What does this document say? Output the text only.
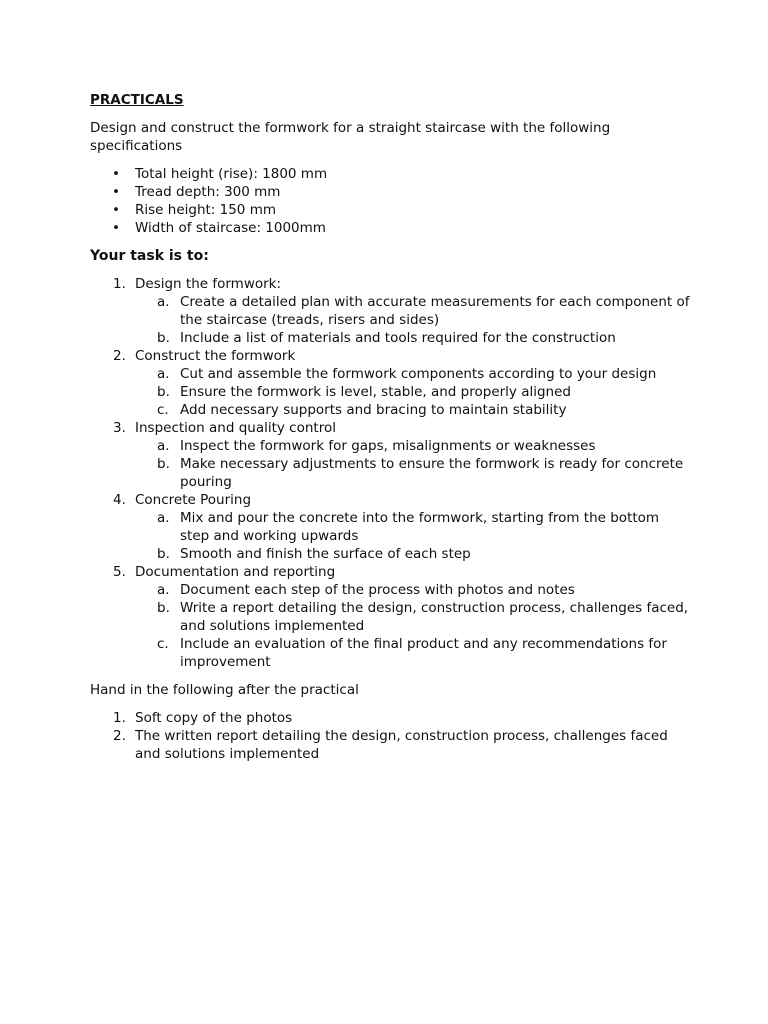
PRACTICALS

Design and construct the formwork for a straight staircase with the following specifications

• Total height (rise): 1800 mm
• Tread depth: 300 mm
• Rise height: 150 mm
• Width of staircase: 1000mm
Your task is to:
1. Design the formwork:
a. Create a detailed plan with accurate measurements for each component of the staircase (treads, risers and sides)
b. Include a list of materials and tools required for the construction
2. Construct the formwork
a. Cut and assemble the formwork components according to your design
b. Ensure the formwork is level, stable, and properly aligned
c. Add necessary supports and bracing to maintain stability
3. Inspection and quality control
a. Inspect the formwork for gaps, misalignments or weaknesses
b. Make necessary adjustments to ensure the formwork is ready for concrete pouring
4. Concrete Pouring
a. Mix and pour the concrete into the formwork, starting from the bottom step and working upwards
b. Smooth and finish the surface of each step
5. Documentation and reporting
a. Document each step of the process with photos and notes
b. Write a report detailing the design, construction process, challenges faced, and solutions implemented
c. Include an evaluation of the final product and any recommendations for improvement

Hand in the following after the practical

1. Soft copy of the photos
2. The written report detailing the design, construction process, challenges faced and solutions implemented
